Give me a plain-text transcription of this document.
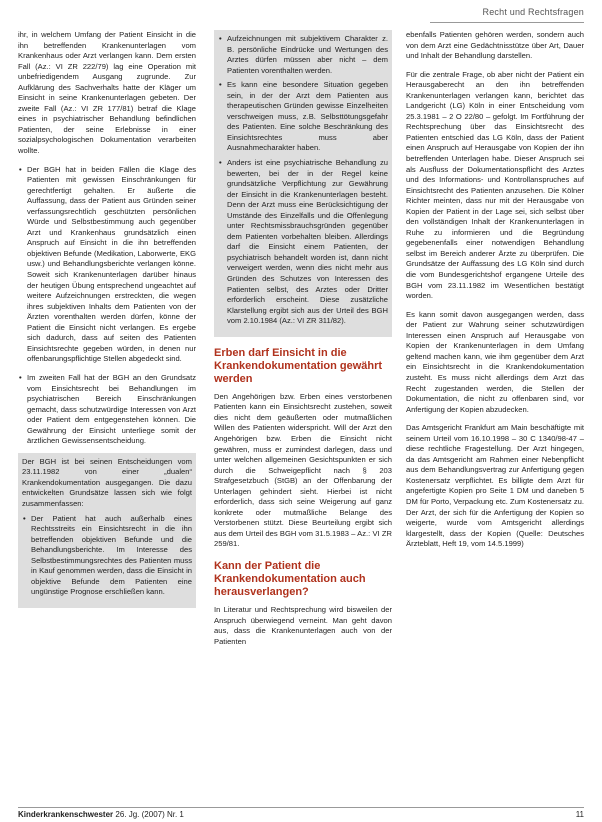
Recht und Rechtsfragen

ihr, in welchem Umfang der Patient Einsicht in die ihn betreffenden Krankenunterlagen vom Krankenhaus oder Arzt verlangen kann. Dem ersten Fall (Az.: VI ZR 222/79) lag eine Operation mit unbefriedigendem Ausgang zugrunde. Zur Aufklärung des Sachverhalts hatte der Kläger um Einsicht in seine Krankenunterlagen gebeten. Der zweite Fall (Az.: VI ZR 177/81) betraf die Klage eines in psychiatrischer Behandlung befindlichen Patienten, der seine Erlebnisse in einer sozialpsychologischen Dokumentation verarbeiten wollte.

• Der BGH hat in beiden Fällen die Klage des Patienten mit gewissen Einschränkungen für gerechtfertigt gehalten. Er äußerte die Auffassung, dass der Patient aus Gründen seiner verfassungsrechtlich geschützten persönlichen Würde und Selbstbestimmung auch gegenüber Arzt und Krankenhaus grundsätzlich einen Anspruch auf Einsicht in die ihn betreffenden objektiven Befunde (Medikation, Laborwerte, EKG usw.) und Behandlungsberichte verlangen könne. Soweit sich Krankenunterlagen darüber hinaus der heutigen Übung entsprechend ungeachtet auf weitere Aufzeichnungen erstreckten, die wegen ihres subjektiven Inhalts dem Patienten von der Ärzten vorenthalten werden dürfen, könne der Patient die Einsicht nicht verlangen. Es ergebe sich dadurch, dass auf seiten des Patienten Einsichtsrechte gegeben würden, in denen nur offenbarungspflichtige Stellen abgedeckt sind.
• Im zweiten Fall hat der BGH an den Grundsatz vom Einsichtsrecht bei Behandlungen im psychiatrischen Bereich Einschränkungen gemacht, dass schutzwürdige Interessen von Arzt oder Patient dem entgegenstehen können. Die Gewährung der Einsicht unterliege somit der ärztlichen Gewissensentscheidung.

Der BGH ist bei seinen Entscheidungen vom 23.11.1982 von einer „dualen“ Krankendokumentation ausgegangen. Die dazu entwickelten Grundsätze lassen sich wie folgt zusammenfassen:

• Der Patient hat auch außerhalb eines Rechtsstreits ein Einsichtsrecht in die ihn betreffenden objektiven Befunde und die Behandlungsberichte. Im Interesse des Selbstbestimmungsrechtes des Patienten muss in Kauf genommen werden, dass die Einsicht in objektive Befunde dem Patienten eine ungünstige Prognose erschließen kann.
• Aufzeichnungen mit subjektivem Charakter z. B. persönliche Eindrücke und Wertungen des Arztes dürfen müssen aber nicht – dem Patienten vorenthalten werden.
• Es kann eine besondere Situation gegeben sein, in der der Arzt dem Patienten aus therapeutischen Gründen gewisse Einzelheiten verschweigen muss, z.B. Selbsttötungsgefahr des Patienten. Eine solche Beschränkung des Einsichtsrechtes muss aber Ausnahmecharakter haben.
• Anders ist eine psychiatrische Behandlung zu bewerten, bei der in der Regel keine grundsätzliche Verpflichtung zur Gewährung der Einsicht in die Krankenunterlagen besteht. Denn der Arzt muss eine Berücksichtigung der Umstände des Einzelfalls und die Offenlegung unter Rechtsmissbrauchsgründen gegenüber dem Patienten vorbehalten bleiben. Allerdings darf die Einsicht einem Patienten, der psychiatrisch behandelt worden ist, dann nicht verweigert werden, wenn dies nicht mehr aus Gründen des Schutzes von Interessen des Patienten selbst, des Arztes oder Dritter erforderlich erscheint. Diese zusätzliche Klarstellung ergibt sich aus der Urteil des BGH vom 2.10.1984 (Az.: VI ZR 311/82).
Erben darf Einsicht in die Krankendokumentation gewährt werden

Den Angehörigen bzw. Erben eines verstorbenen Patienten kann ein Einsichtsrecht zustehen, soweit dies nicht dem geäußerten oder mutmaßlichen Willen des Patienten widerspricht. Will der Arzt den Angehörigen bzw. Erben die Einsicht nicht gewähren, muss er zumindest darlegen, dass und unter welchen allgemeinen Gesichtspunkten er sich durch die Schweigepflicht nach § 203 Strafgesetzbuch (StGB) an der Offenbarung der Unterlagen gehindert sieht. Hierbei ist nicht erforderlich, dass sich seine Weigerung auf ganz konkrete oder mutmaßliche Belange des Verstorbenen stützt. Diese Beurteilung ergibt sich aus dem Urteil des BGH vom 31.5.1983 – Az.: VI ZR 259/81.

Kann der Patient die Krankendokumentation auch herausverlangen?

In Literatur und Rechtsprechung wird bisweilen der Anspruch überwiegend verneint. Man geht davon aus, dass die Krankenunterlagen auch von der Patienten

ebenfalls Patienten gehören werden, sondern auch von dem Arzt eine Gedächtnisstütze über Art, Dauer und Inhalt der Behandlung darstellen.

Für die zentrale Frage, ob aber nicht der Patient ein Herausgaberecht an den ihn betreffenden Krankenunterlagen verlangen kann, berichtet das Landgericht (LG) Köln in einer Entscheidung vom 25.3.1981 – 2 O 22/80 – gefolgt. Im Fortführung der Rechtsprechung über das Einsichtsrecht des Patienten entschied das LG Köln, dass der Patient einen Anspruch auf Herausgabe von Kopien der ihn betreffenden Unterlagen habe. Dieser Anspruch sei als Ausfluss der Dokumentationspflicht des Arztes und des Informations- und Kontrollanspruches auf Einsichtsrecht des Patienten anzusehen. Die Kölner Richter meinten, dass nur mit der Herausgabe von Kopien der Patient in der Lage sei, sich selbst über den vollständigen Inhalt der Krankenunterlagen in Ruhe zu informieren und die Begründung gegebenenfalls einer notwendigen Behandlung selbst im Bereich anderer Ärzte zu überprüfen. Die Grundsätze der Auffassung des LG Köln sind durch die vom Bundesgerichtshof ergangene Urteile des BGH vom 23.11.1982 im Wesentlichen bestätigt worden.

Es kann somit davon ausgegangen werden, dass der Patient zur Wahrung seiner schutzwürdigen Interessen einen Anspruch auf Herausgabe von Kopien der Krankenunterlagen in dem Umfang geltend machen kann, wie ihm gegenüber dem Arzt ein Einsichtsrecht in die Krankendokumentation zusteht. Es muss nicht allerdings dem Arzt das Recht zugestanden werden, die Stellen der Dokumentation, die nicht zu offenbaren sind, vor Anfertigung der Kopien abzudecken.

Das Amtsgericht Frankfurt am Main beschäftigte mit seinem Urteil vom 16.10.1998 – 30 C 1340/98-47 – diese rechtliche Fragestellung. Der Arzt hingegen, da das Amtsgericht am Rahmen einer Nebenpflicht aus dem Behandlungsvertrag zur Anfertigung gegen Kostenersatz verpflichtet. Es billigte dem Arzt für angefertigte Kopien pro Seite 1 DM und daneben 5 DM für Porto, Verpackung etc. Zum Kostenersatz zu. Der Arzt, der sich für die Anfertigung der Kopien so weigerte, wurde vom Amtsgericht allerdings klargestellt, dass der Kopien (Quelle: Deutsches Ärzteblatt, Heft 19, vom 14.5.1999)

Kinderkrankenschwester 26. Jg. (2007) Nr. 1	11
